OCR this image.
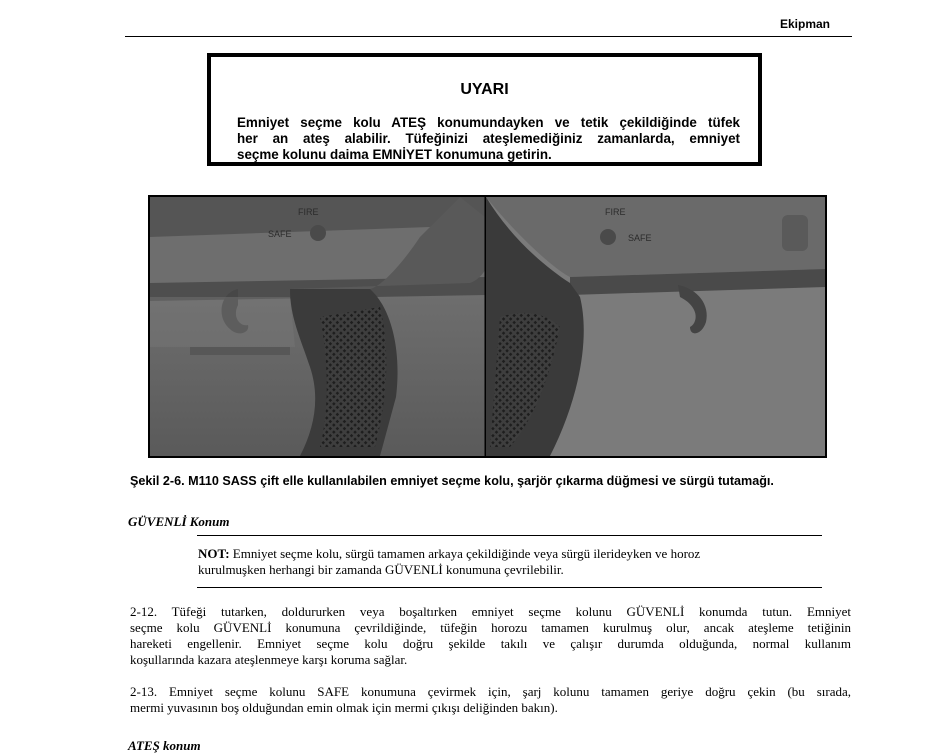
Ekipman
UYARI
Emniyet seçme kolu ATEŞ konumundayken ve tetik çekildiğinde tüfek
her an ateş alabilir. Tüfeğinizi ateşlemediğiniz zamanlarda, emniyet
seçme kolunu daima EMNİYET konumuna getirin.
FIRE
SAFE
FIRE
SAFE
Şekil 2-6. M110 SASS çift elle kullanılabilen emniyet seçme kolu, şarjör çıkarma düğmesi ve sürgü tutamağı.
GÜVENLİ Konum
NOT: Emniyet seçme kolu, sürgü tamamen arkaya çekildiğinde veya sürgü ilerideyken ve horoz
kurulmuşken herhangi bir zamanda GÜVENLİ konumuna çevrilebilir.
2-12. Tüfeği tutarken, doldururken veya boşaltırken emniyet seçme kolunu GÜVENLİ konumda tutun. Emniyet
seçme kolu GÜVENLİ konumuna çevrildiğinde, tüfeğin horozu tamamen kurulmuş olur, ancak ateşleme tetiğinin
hareketi engellenir. Emniyet seçme kolu doğru şekilde takılı ve çalışır durumda olduğunda, normal kullanım
koşullarında kazara ateşlenmeye karşı koruma sağlar.
2-13. Emniyet seçme kolunu SAFE konumuna çevirmek için, şarj kolunu tamamen geriye doğru çekin (bu sırada,
mermi yuvasının boş olduğundan emin olmak için mermi çıkışı deliğinden bakın).
ATEŞ konum
